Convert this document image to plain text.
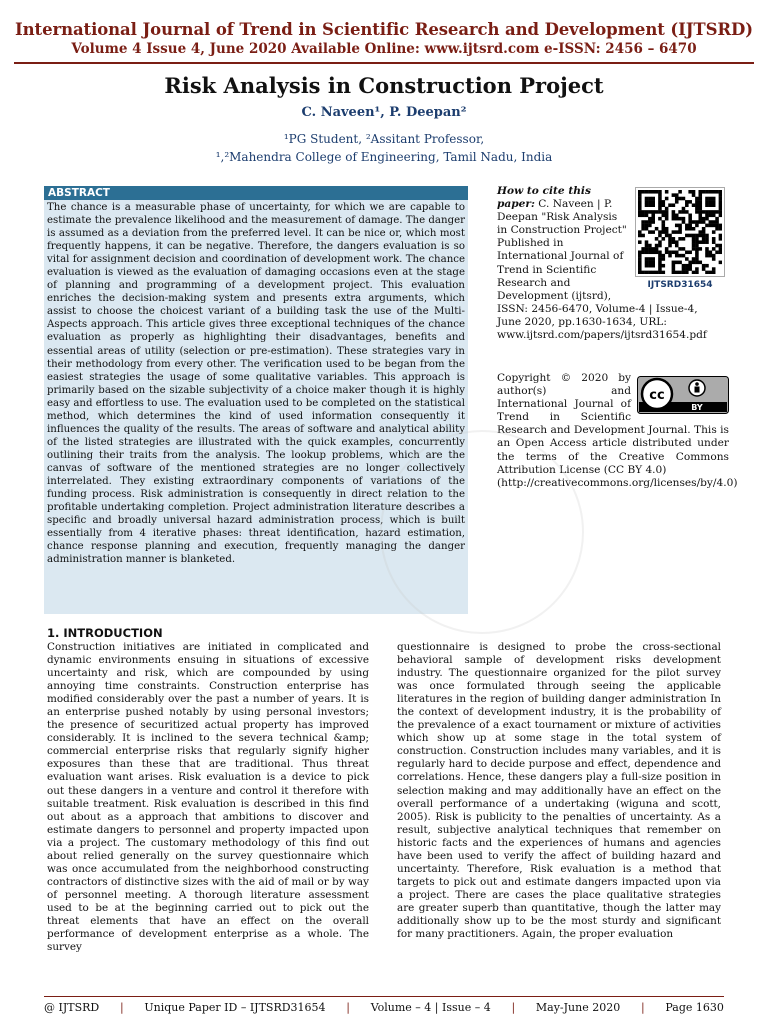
International Journal of Trend in Scientific Research and Development (IJTSRD)
Volume 4 Issue 4, June 2020 Available Online: www.ijtsrd.com e-ISSN: 2456 – 6470
Risk Analysis in Construction Project
C. Naveen¹, P. Deepan²
¹PG Student, ²Assitant Professor,
¹,²Mahendra College of Engineering, Tamil Nadu, India
ABSTRACT
The chance is a measurable phase of uncertainty, for which we are capable to estimate the prevalence likelihood and the measurement of damage. The danger is assumed as a deviation from the preferred level. It can be nice or, which most frequently happens, it can be negative. Therefore, the dangers evaluation is so vital for assignment decision and coordination of development work. The chance evaluation is viewed as the evaluation of damaging occasions even at the stage of planning and programming of a development project. This evaluation enriches the decision-making system and presents extra arguments, which assist to choose the choicest variant of a building task the use of the Multi-Aspects approach. This article gives three exceptional techniques of the chance evaluation as properly as highlighting their disadvantages, benefits and essential areas of utility (selection or pre-estimation). These strategies vary in their methodology from every other. The verification used to be began from the easiest strategies the usage of some qualitative variables. This approach is primarily based on the sizable subjectivity of a choice maker though it is highly easy and effortless to use. The evaluation used to be completed on the statistical method, which determines the kind of used information consequently it influences the quality of the results. The areas of software and analytical ability of the listed strategies are illustrated with the quick examples, concurrently outlining their traits from the analysis. The lookup problems, which are the canvas of software of the mentioned strategies are no longer collectively interrelated. They existing extraordinary components of variations of the funding process. Risk administration is consequently in direct relation to the profitable undertaking completion. Project administration literature describes a specific and broadly universal hazard administration process, which is built essentially from 4 iterative phases: threat identification, hazard estimation, chance response planning and execution, frequently managing the danger administration manner is blanketed.
IJTSRD31654

How to cite this paper: C. Naveen | P. Deepan "Risk Analysis in Construction Project" Published in International Journal of Trend in Scientific Research and Development (ijtsrd), ISSN: 2456-6470, Volume-4 | Issue-4, June 2020, pp.1630-1634, URL: www.ijtsrd.com/papers/ijtsrd31654.pdf

cc
BY
Copyright © 2020 by author(s) and International Journal of Trend in Scientific Research and Development Journal. This is an Open Access article distributed under the terms of the Creative Commons Attribution License (CC BY 4.0)
(http://creativecommons.org/licenses/by/4.0)
1. INTRODUCTION
Construction initiatives are initiated in complicated and dynamic environments ensuing in situations of excessive uncertainty and risk, which are compounded by using annoying time constraints. Construction enterprise has modified considerably over the past a number of years. It is an enterprise pushed notably by using personal investors; the presence of securitized actual property has improved considerably. It is inclined to the severa technical &amp; commercial enterprise risks that regularly signify higher exposures than these that are traditional. Thus threat evaluation want arises. Risk evaluation is a device to pick out these dangers in a venture and control it therefore with suitable treatment. Risk evaluation is described in this find out about as a approach that ambitions to discover and estimate dangers to personnel and property impacted upon via a project. The customary methodology of this find out about relied generally on the survey questionnaire which was once accumulated from the neighborhood constructing contractors of distinctive sizes with the aid of mail or by way of personnel meeting. A thorough literature assessment used to be at the beginning carried out to pick out the threat elements that have an effect on the overall performance of development enterprise as a whole. The survey
questionnaire is designed to probe the cross-sectional behavioral sample of development risks development industry. The questionnaire organized for the pilot survey was once formulated through seeing the applicable literatures in the region of building danger administration In the context of development industry, it is the probability of the prevalence of a exact tournament or mixture of activities which show up at some stage in the total system of construction. Construction includes many variables, and it is regularly hard to decide purpose and effect, dependence and correlations. Hence, these dangers play a full-size position in selection making and may additionally have an effect on the overall performance of a undertaking (wiguna and scott, 2005). Risk is publicity to the penalties of uncertainty. As a result, subjective analytical techniques that remember on historic facts and the experiences of humans and agencies have been used to verify the affect of building hazard and uncertainty. Therefore, Risk evaluation is a method that targets to pick out and estimate dangers impacted upon via a project. There are cases the place qualitative strategies are greater superb than quantitative, though the latter may additionally show up to be the most sturdy and significant for many practitioners. Again, the proper evaluation
@ IJTSRD | Unique Paper ID – IJTSRD31654 | Volume – 4 | Issue – 4 | May-June 2020 | Page 1630
